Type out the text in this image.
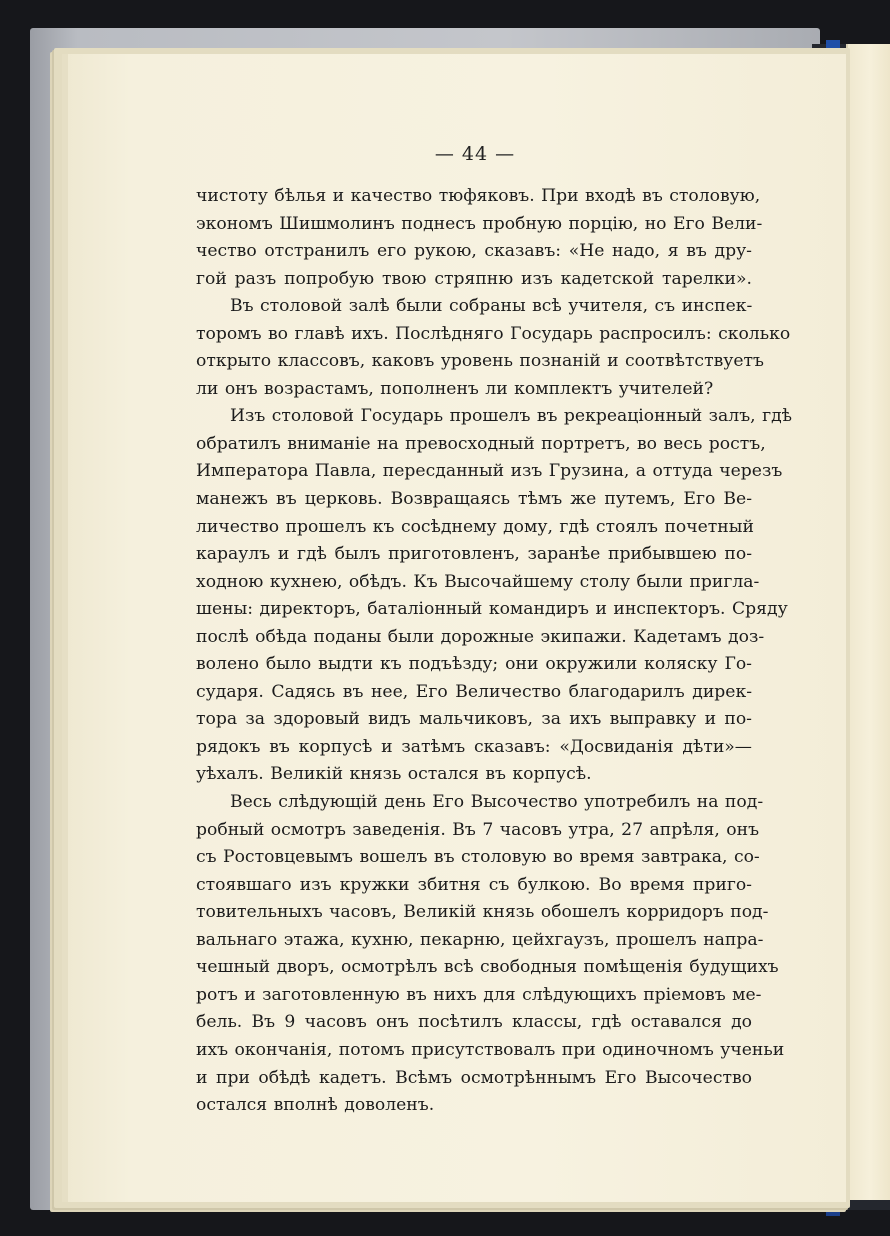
— 44 —
чистоту бѣлья и качество тюфяковъ. При входѣ въ столовую,
экономъ Шишмолинъ поднесъ пробную порцію, но Его Вели-
чество отстранилъ его рукою, сказавъ: «Не надо, я въ дру-
гой разъ попробую твою стряпню изъ кадетской тарелки».
Въ столовой залѣ были собраны всѣ учителя, съ инспек-
торомъ во главѣ ихъ. Послѣдняго Государь распросилъ: сколько
открыто классовъ, каковъ уровень познаній и соотвѣтствуетъ
ли онъ возрастамъ, пополненъ ли комплектъ учителей?
Изъ столовой Государь прошелъ въ рекреаціонный залъ, гдѣ
обратилъ вниманіе на превосходный портретъ, во весь ростъ,
Императора Павла, пересданный изъ Грузина, а оттуда черезъ
манежъ въ церковь. Возвращаясь тѣмъ же путемъ, Его Ве-
личество прошелъ къ сосѣднему дому, гдѣ стоялъ почетный
караулъ и гдѣ былъ приготовленъ, заранѣе прибывшею по-
ходною кухнею, обѣдъ. Къ Высочайшему столу были пригла-
шены: директоръ, баталіонный командиръ и инспекторъ. Сряду
послѣ обѣда поданы были дорожные экипажи. Кадетамъ доз-
волено было выдти къ подъѣзду; они окружили коляску Го-
сударя. Садясь въ нее, Его Величество благодарилъ дирек-
тора за здоровый видъ мальчиковъ, за ихъ выправку и по-
рядокъ въ корпусѣ и затѣмъ сказавъ: «Досвиданія дѣти»—
уѣхалъ. Великій князь остался въ корпусѣ.
Весь слѣдующій день Его Высочество употребилъ на под-
робный осмотръ заведенія. Въ 7 часовъ утра, 27 апрѣля, онъ
съ Ростовцевымъ вошелъ въ столовую во время завтрака, со-
стоявшаго изъ кружки збитня съ булкою. Во время приго-
товительныхъ часовъ, Великій князь обошелъ корридоръ под-
вальнаго этажа, кухню, пекарню, цейхгаузъ, прошелъ напра-
чешный дворъ, осмотрѣлъ всѣ свободныя помѣщенія будущихъ
ротъ и заготовленную въ нихъ для слѣдующихъ пріемовъ ме-
бель. Въ 9 часовъ онъ посѣтилъ классы, гдѣ оставался до
ихъ окончанія, потомъ присутствовалъ при одиночномъ ученьи
и при обѣдѣ кадетъ. Всѣмъ осмотрѣннымъ Его Высочество
остался вполнѣ доволенъ.
